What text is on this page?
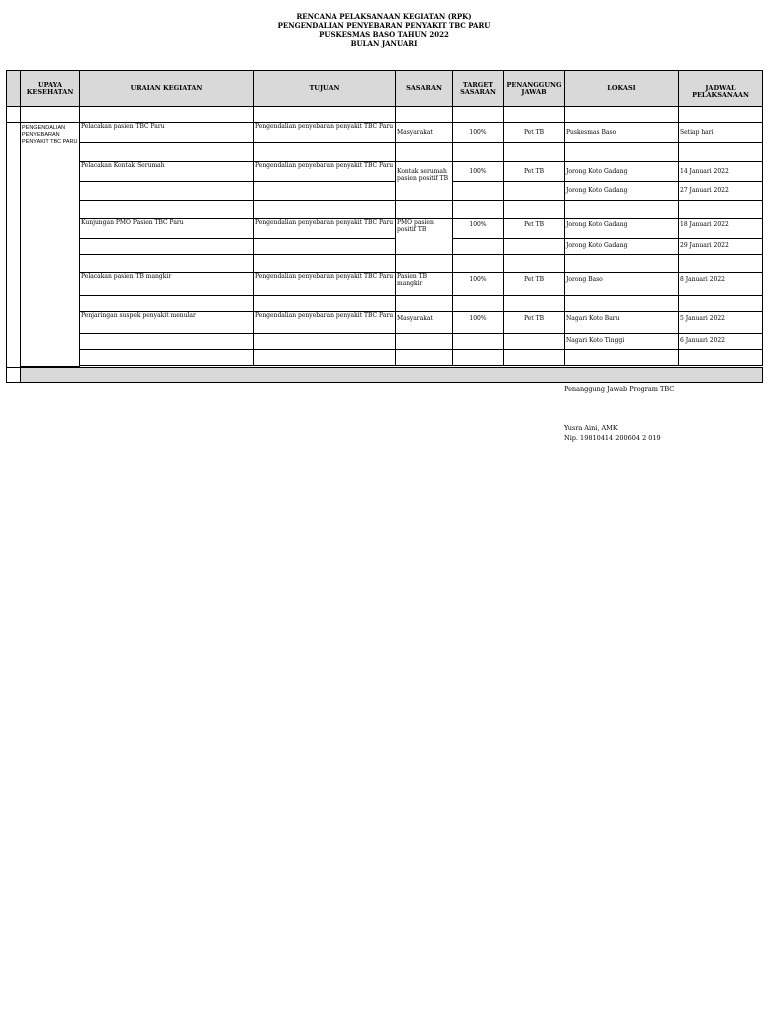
RENCANA PELAKSANAAN KEGIATAN (RPK)
PENGENDALIAN PENYEBARAN PENYAKIT TBC PARU
PUSKESMAS BASO TAHUN 2022
BULAN JANUARI
	UPAYA KESEHATAN	URAIAN KEGIATAN	TUJUAN	SASARAN	TARGET SASARAN	PENANGGUNG JAWAB	LOKASI	JADWAL PELAKSANAAN

	PENGENDALIAN PENYEBARAN PENYAKIT TBC PARU	Pelacakan pasien TBC Paru	Pengendalian penyebaran penyakit TBC Paru	Masyarakat	100%	Pet TB	Puskesmas Baso	Setiap hari

		Pelacakan Kontak Serumah	Pengendalian penyebaran penyakit TBC Paru	Kontak serumah pasien positif TB	100%	Pet TB	Jorong Koto Gadang	14 Januari 2022
							Jorong Koto Gadang	27 Januari 2022

		Kunjungan PMO Pasien TBC Paru	Pengendalian penyebaran penyakit TBC Paru	PMO pasien positif TB	100%	Pet TB	Jorong Koto Gadang	18 Januari 2022
							Jorong Koto Gadang	29 Januari 2022

		Pelacakan pasien TB mangkir	Pengendalian penyebaran penyakit TBC Paru	Pasien TB mangkir	100%	Pet TB	Jorong Baso	8 Januari 2022

		Penjaringan suspek penyakit menular	Pengendalian penyebaran penyakit TBC Paru	Masyarakat	100%	Pet TB	Nagari Koto Baru	5 Januari 2022
							Nagari Koto Tinggi	6 Januari 2022

Penanggung Jawab Program TBC
Yusra Aini, AMK
Nip. 19810414 200604 2 019
